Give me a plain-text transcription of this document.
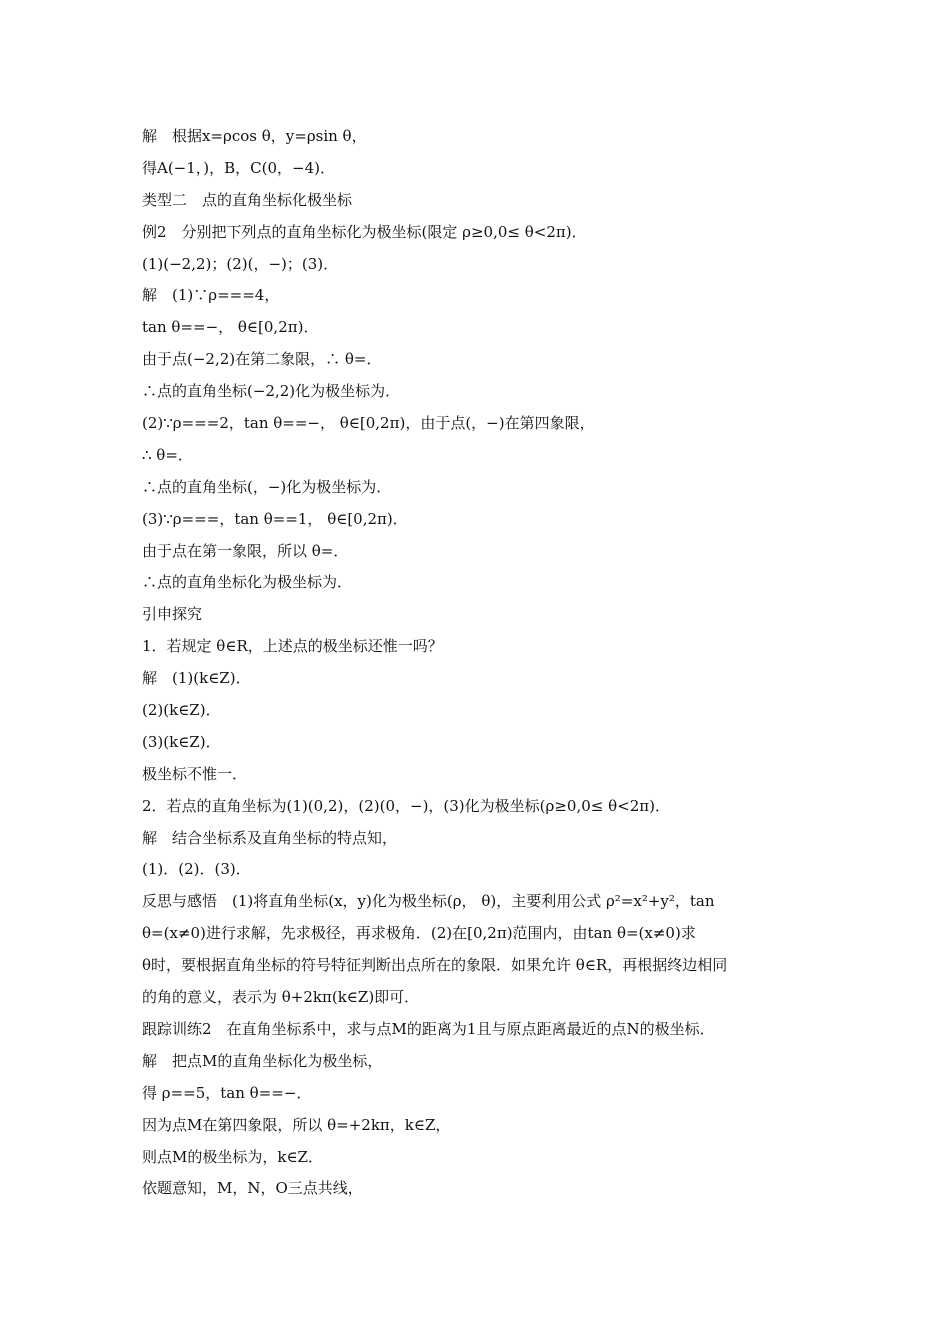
解　根据x=ρcos θ，y=ρsin θ，
得A(−1，)，B，C(0，−4)．
类型二　点的直角坐标化极坐标
例2　分别把下列点的直角坐标化为极坐标(限定 ρ≥0,0≤ θ<2π)．
(1)(−2,2)；(2)(，−)；(3)．
解　(1)∵ρ===4，
tan θ==−， θ∈[0,2π)．
由于点(−2,2)在第二象限，∴ θ=．
∴点的直角坐标(−2,2)化为极坐标为．
(2)∵ρ===2，tan θ==−， θ∈[0,2π)，由于点(，−)在第四象限，
∴ θ=．
∴点的直角坐标(，−)化为极坐标为．
(3)∵ρ===，tan θ==1， θ∈[0,2π)．
由于点在第一象限，所以 θ=．
∴点的直角坐标化为极坐标为．
引申探究
1．若规定 θ∈R，上述点的极坐标还惟一吗？
解　(1)(k∈Z)．
(2)(k∈Z)．
(3)(k∈Z)．
极坐标不惟一．
2．若点的直角坐标为(1)(0,2)，(2)(0，−)，(3)化为极坐标(ρ≥0,0≤ θ<2π)．
解　结合坐标系及直角坐标的特点知，
(1)．(2)．(3)．
反思与感悟　(1)将直角坐标(x，y)化为极坐标(ρ， θ)，主要利用公式 ρ²=x²+y²，tan
θ=(x≠0)进行求解，先求极径，再求极角．(2)在[0,2π)范围内，由tan θ=(x≠0)求
θ时，要根据直角坐标的符号特征判断出点所在的象限．如果允许 θ∈R，再根据终边相同
的角的意义，表示为 θ+2kπ(k∈Z)即可．
跟踪训练2　在直角坐标系中，求与点M的距离为1且与原点距离最近的点N的极坐标．
解　把点M的直角坐标化为极坐标，
得 ρ==5，tan θ==−．
因为点M在第四象限，所以 θ=+2kπ，k∈Z，
则点M的极坐标为，k∈Z．
依题意知，M，N，O三点共线，
